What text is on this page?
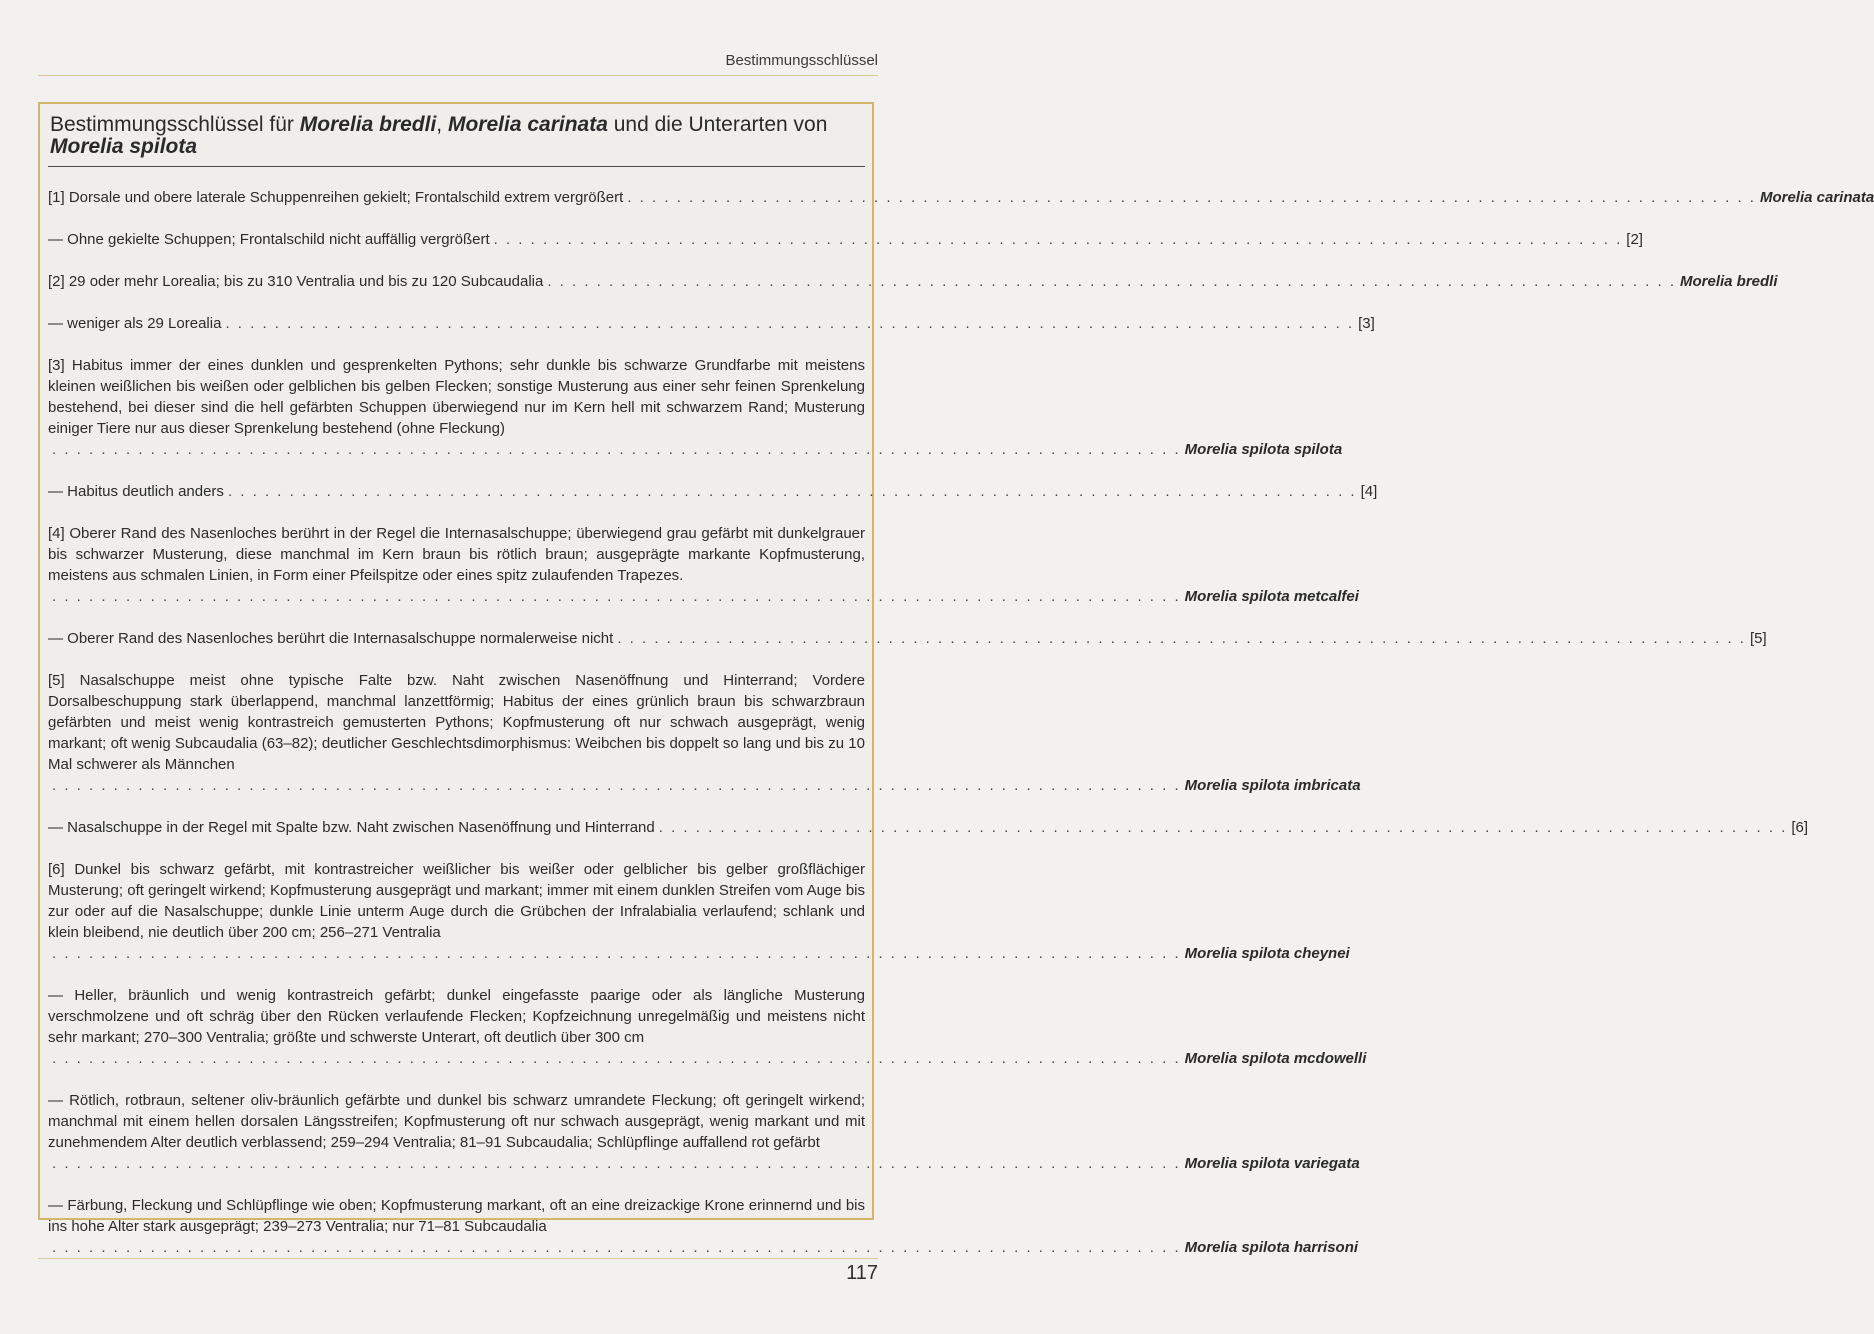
Bestimmungsschlüssel
Bestimmungsschlüssel für Morelia bredli, Morelia carinata und die Unterarten von Morelia spilota
[1] Dorsale und obere laterale Schuppenreihen gekielt; Frontalschild extrem vergrößert . . . . . . . . . . . . . . . . . . . . . . . . . . . . . . . . . . . . . . . . . . . . . . . . . . . . . . . . . . . . . . . . . . . . . . . . . . . . . . . . . . . . . . . . . . . . Morelia carinata
— Ohne gekielte Schuppen; Frontalschild nicht auffällig vergrößert . . . . . . . . . . . . . . . . . . . . . . . . . . . . . . . . . . . . . . . . . . . . . . . . . . . . . . . . . . . . . . . . . . . . . . . . . . . . . . . . . . . . . . . . . . . . [2]
[2] 29 oder mehr Lorealia; bis zu 310 Ventralia und bis zu 120 Subcaudalia . . . . . . . . . . . . . . . . . . . . . . . . . . . . . . . . . . . . . . . . . . . . . . . . . . . . . . . . . . . . . . . . . . . . . . . . . . . . . . . . . . . . . . . . . . . . Morelia bredli
— weniger als 29 Lorealia . . . . . . . . . . . . . . . . . . . . . . . . . . . . . . . . . . . . . . . . . . . . . . . . . . . . . . . . . . . . . . . . . . . . . . . . . . . . . . . . . . . . . . . . . . . . [3]
[3] Habitus immer der eines dunklen und gesprenkelten Pythons; sehr dunkle bis schwarze Grundfarbe mit meistens kleinen weißlichen bis weißen oder gelblichen bis gelben Flecken; sonstige Musterung aus einer sehr feinen Sprenkelung bestehend, bei dieser sind die hell gefärbten Schuppen überwiegend nur im Kern hell mit schwarzem Rand; Musterung einiger Tiere nur aus dieser Sprenkelung bestehend (ohne Fleckung)
. . . . . . . . . . . . . . . . . . . . . . . . . . . . . . . . . . . . . . . . . . . . . . . . . . . . . . . . . . . . . . . . . . . . . . . . . . . . . . . . . . . . . . . . . . . . Morelia spilota spilota
— Habitus deutlich anders . . . . . . . . . . . . . . . . . . . . . . . . . . . . . . . . . . . . . . . . . . . . . . . . . . . . . . . . . . . . . . . . . . . . . . . . . . . . . . . . . . . . . . . . . . . . [4]
[4] Oberer Rand des Nasenloches berührt in der Regel die Internasalschuppe; überwiegend grau gefärbt mit dunkelgrauer bis schwarzer Musterung, diese manchmal im Kern braun bis rötlich braun; ausgeprägte markante Kopfmusterung, meistens aus schmalen Linien, in Form einer Pfeilspitze oder eines spitz zulaufenden Trapezes.
. . . . . . . . . . . . . . . . . . . . . . . . . . . . . . . . . . . . . . . . . . . . . . . . . . . . . . . . . . . . . . . . . . . . . . . . . . . . . . . . . . . . . . . . . . . . Morelia spilota metcalfei
— Oberer Rand des Nasenloches berührt die Internasalschuppe normalerweise nicht . . . . . . . . . . . . . . . . . . . . . . . . . . . . . . . . . . . . . . . . . . . . . . . . . . . . . . . . . . . . . . . . . . . . . . . . . . . . . . . . . . . . . . . . . . . . [5]
[5] Nasalschuppe meist ohne typische Falte bzw. Naht zwischen Nasenöffnung und Hinterrand; Vordere Dorsalbeschuppung stark überlappend, manchmal lanzettförmig; Habitus der eines grünlich braun bis schwarzbraun gefärbten und meist wenig kontrastreich gemusterten Pythons; Kopfmusterung oft nur schwach ausgeprägt, wenig markant; oft wenig Subcaudalia (63–82); deutlicher Geschlechtsdimorphismus: Weibchen bis doppelt so lang und bis zu 10 Mal schwerer als Männchen
. . . . . . . . . . . . . . . . . . . . . . . . . . . . . . . . . . . . . . . . . . . . . . . . . . . . . . . . . . . . . . . . . . . . . . . . . . . . . . . . . . . . . . . . . . . . Morelia spilota imbricata
— Nasalschuppe in der Regel mit Spalte bzw. Naht zwischen Nasenöffnung und Hinterrand . . . . . . . . . . . . . . . . . . . . . . . . . . . . . . . . . . . . . . . . . . . . . . . . . . . . . . . . . . . . . . . . . . . . . . . . . . . . . . . . . . . . . . . . . . . . [6]
[6] Dunkel bis schwarz gefärbt, mit kontrastreicher weißlicher bis weißer oder gelblicher bis gelber großflächiger Musterung; oft geringelt wirkend; Kopfmusterung ausgeprägt und markant; immer mit einem dunklen Streifen vom Auge bis zur oder auf die Nasalschuppe; dunkle Linie unterm Auge durch die Grübchen der Infralabialia verlaufend; schlank und klein bleibend, nie deutlich über 200 cm; 256–271 Ventralia
. . . . . . . . . . . . . . . . . . . . . . . . . . . . . . . . . . . . . . . . . . . . . . . . . . . . . . . . . . . . . . . . . . . . . . . . . . . . . . . . . . . . . . . . . . . . Morelia spilota cheynei
— Heller, bräunlich und wenig kontrastreich gefärbt; dunkel eingefasste paarige oder als längliche Musterung verschmolzene und oft schräg über den Rücken verlaufende Flecken; Kopfzeichnung unregelmäßig und meistens nicht sehr markant; 270–300 Ventralia; größte und schwerste Unterart, oft deutlich über 300 cm
. . . . . . . . . . . . . . . . . . . . . . . . . . . . . . . . . . . . . . . . . . . . . . . . . . . . . . . . . . . . . . . . . . . . . . . . . . . . . . . . . . . . . . . . . . . . Morelia spilota mcdowelli
— Rötlich, rotbraun, seltener oliv-bräunlich gefärbte und dunkel bis schwarz umrandete Fleckung; oft geringelt wirkend; manchmal mit einem hellen dorsalen Längsstreifen; Kopfmusterung oft nur schwach ausgeprägt, wenig markant und mit zunehmendem Alter deutlich verblassend; 259–294 Ventralia; 81–91 Subcaudalia; Schlüpflinge auffallend rot gefärbt
. . . . . . . . . . . . . . . . . . . . . . . . . . . . . . . . . . . . . . . . . . . . . . . . . . . . . . . . . . . . . . . . . . . . . . . . . . . . . . . . . . . . . . . . . . . . Morelia spilota variegata
— Färbung, Fleckung und Schlüpflinge wie oben; Kopfmusterung markant, oft an eine dreizackige Krone erinnernd und bis ins hohe Alter stark ausgeprägt; 239–273 Ventralia; nur 71–81 Subcaudalia
. . . . . . . . . . . . . . . . . . . . . . . . . . . . . . . . . . . . . . . . . . . . . . . . . . . . . . . . . . . . . . . . . . . . . . . . . . . . . . . . . . . . . . . . . . . . Morelia spilota harrisoni
117
